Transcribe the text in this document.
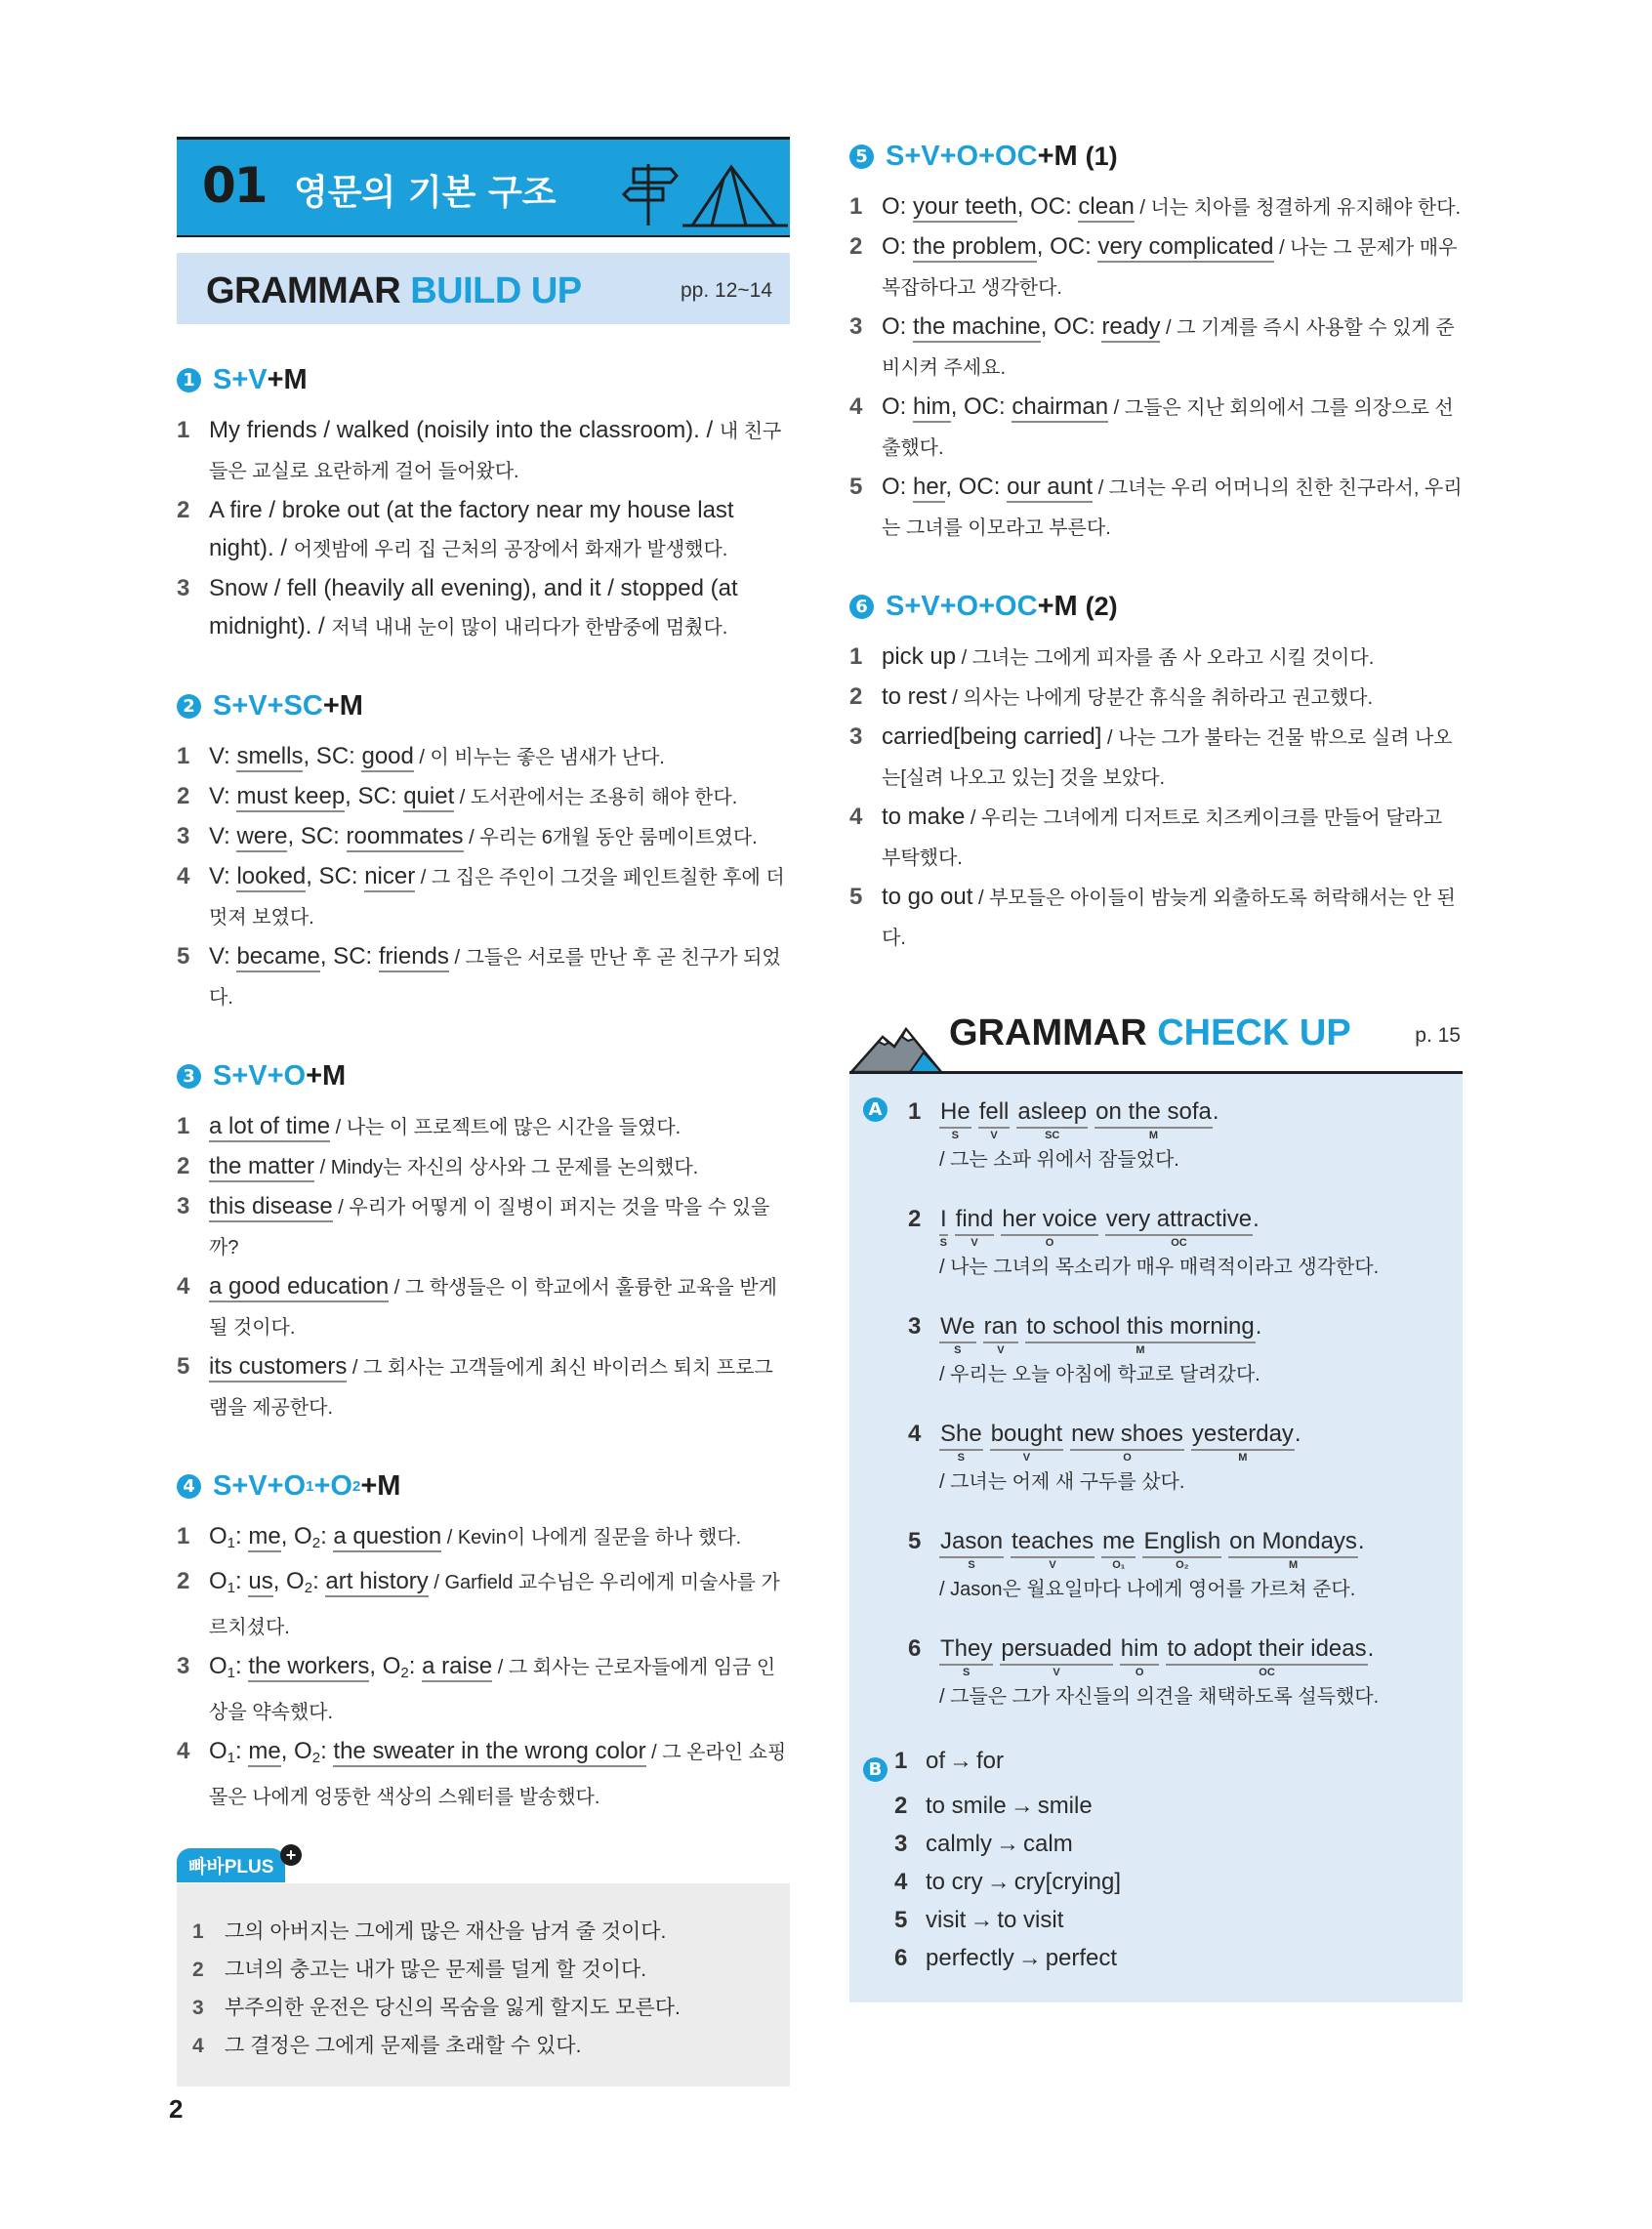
01 영문의 기본 구조
GRAMMAR BUILD UP	pp. 12~14
1 S+V +M
1 My friends / walked (noisily into the classroom). / 내 친구들은 교실로 요란하게 걸어 들어왔다.
2 A fire / broke out (at the factory near my house last night). / 어젯밤에 우리 집 근처의 공장에서 화재가 발생했다.
3 Snow / fell (heavily all evening), and it / stopped (at midnight). / 저녁 내내 눈이 많이 내리다가 한밤중에 멈췄다.
2 S+V+SC +M
1 V: smells, SC: good / 이 비누는 좋은 냄새가 난다.
2 V: must keep, SC: quiet / 도서관에서는 조용히 해야 한다.
3 V: were, SC: roommates / 우리는 6개월 동안 룸메이트였다.
4 V: looked, SC: nicer / 그 집은 주인이 그것을 페인트칠한 후에 더 멋져 보였다.
5 V: became, SC: friends / 그들은 서로를 만난 후 곧 친구가 되었다.
3 S+V+O +M
1 a lot of time / 나는 이 프로젝트에 많은 시간을 들였다.
2 the matter / Mindy는 자신의 상사와 그 문제를 논의했다.
3 this disease / 우리가 어떻게 이 질병이 퍼지는 것을 막을 수 있을까?
4 a good education / 그 학생들은 이 학교에서 훌륭한 교육을 받게 될 것이다.
5 its customers / 그 회사는 고객들에게 최신 바이러스 퇴치 프로그램을 제공한다.
4 S+V+O 1 +O 2 +M
1 $O_1$: me, $O_2$: a question / Kevin이 나에게 질문을 하나 했다.
2 $O_1$: us, $O_2$: art history / Garfield 교수님은 우리에게 미술사를 가르치셨다.
3 $O_1$: the workers, $O_2$: a raise / 그 회사는 근로자들에게 임금 인상을 약속했다.
4 $O_1$: me, $O_2$: the sweater in the wrong color / 그 온라인 쇼핑몰은 나에게 엉뚱한 색상의 스웨터를 발송했다.
빠바PLUS
+
1	그의 아버지는 그에게 많은 재산을 남겨 줄 것이다.
2	그녀의 충고는 내가 많은 문제를 덜게 할 것이다.
3	부주의한 운전은 당신의 목숨을 잃게 할지도 모른다.
4	그 결정은 그에게 문제를 초래할 수 있다.
5 S+V+O+OC +M (1)
1 O: your teeth, OC: clean / 너는 치아를 청결하게 유지해야 한다.
2 O: the problem, OC: very complicated / 나는 그 문제가 매우 복잡하다고 생각한다.
3 O: the machine, OC: ready / 그 기계를 즉시 사용할 수 있게 준비시켜 주세요.
4 O: him, OC: chairman / 그들은 지난 회의에서 그를 의장으로 선출했다.
5 O: her, OC: our aunt / 그녀는 우리 어머니의 친한 친구라서, 우리는 그녀를 이모라고 부른다.
6 S+V+O+OC +M (2)
1 pick up / 그녀는 그에게 피자를 좀 사 오라고 시킬 것이다.
2 to rest / 의사는 나에게 당분간 휴식을 취하라고 권고했다.
3 carried[being carried] / 나는 그가 불타는 건물 밖으로 실려 나오는[실려 나오고 있는] 것을 보았다.
4 to make / 우리는 그녀에게 디저트로 치즈케이크를 만들어 달라고 부탁했다.
5 to go out / 부모들은 아이들이 밤늦게 외출하도록 허락해서는 안 된다.
GRAMMAR CHECK UP	p. 15
A	1 He
S
fell
V
asleep
SC
on the sofa
M
.
/ 그는 소파 위에서 잠들었다.
2 I
S
find
V
her voice
O
very attractive
OC
.
/ 나는 그녀의 목소리가 매우 매력적이라고 생각한다.
3 We
S
ran
V
to school this morning
M
.
/ 우리는 오늘 아침에 학교로 달려갔다.
4 She
S
bought
V
new shoes
O
yesterday
M
.
/ 그녀는 어제 새 구두를 샀다.
5 Jason
S
teaches
V
me
O₁
English
O₂
on Mondays
M
.
/ Jason은 월요일마다 나에게 영어를 가르쳐 준다.
6 They
S
persuaded
V
him
O
to adopt their ideas
OC
.
/ 그들은 그가 자신들의 의견을 채택하도록 설득했다.
B 1 of → for
2 to smile → smile
3 calmly → calm
4 to cry → cry[crying]
5 visit → to visit
6 perfectly → perfect
2
